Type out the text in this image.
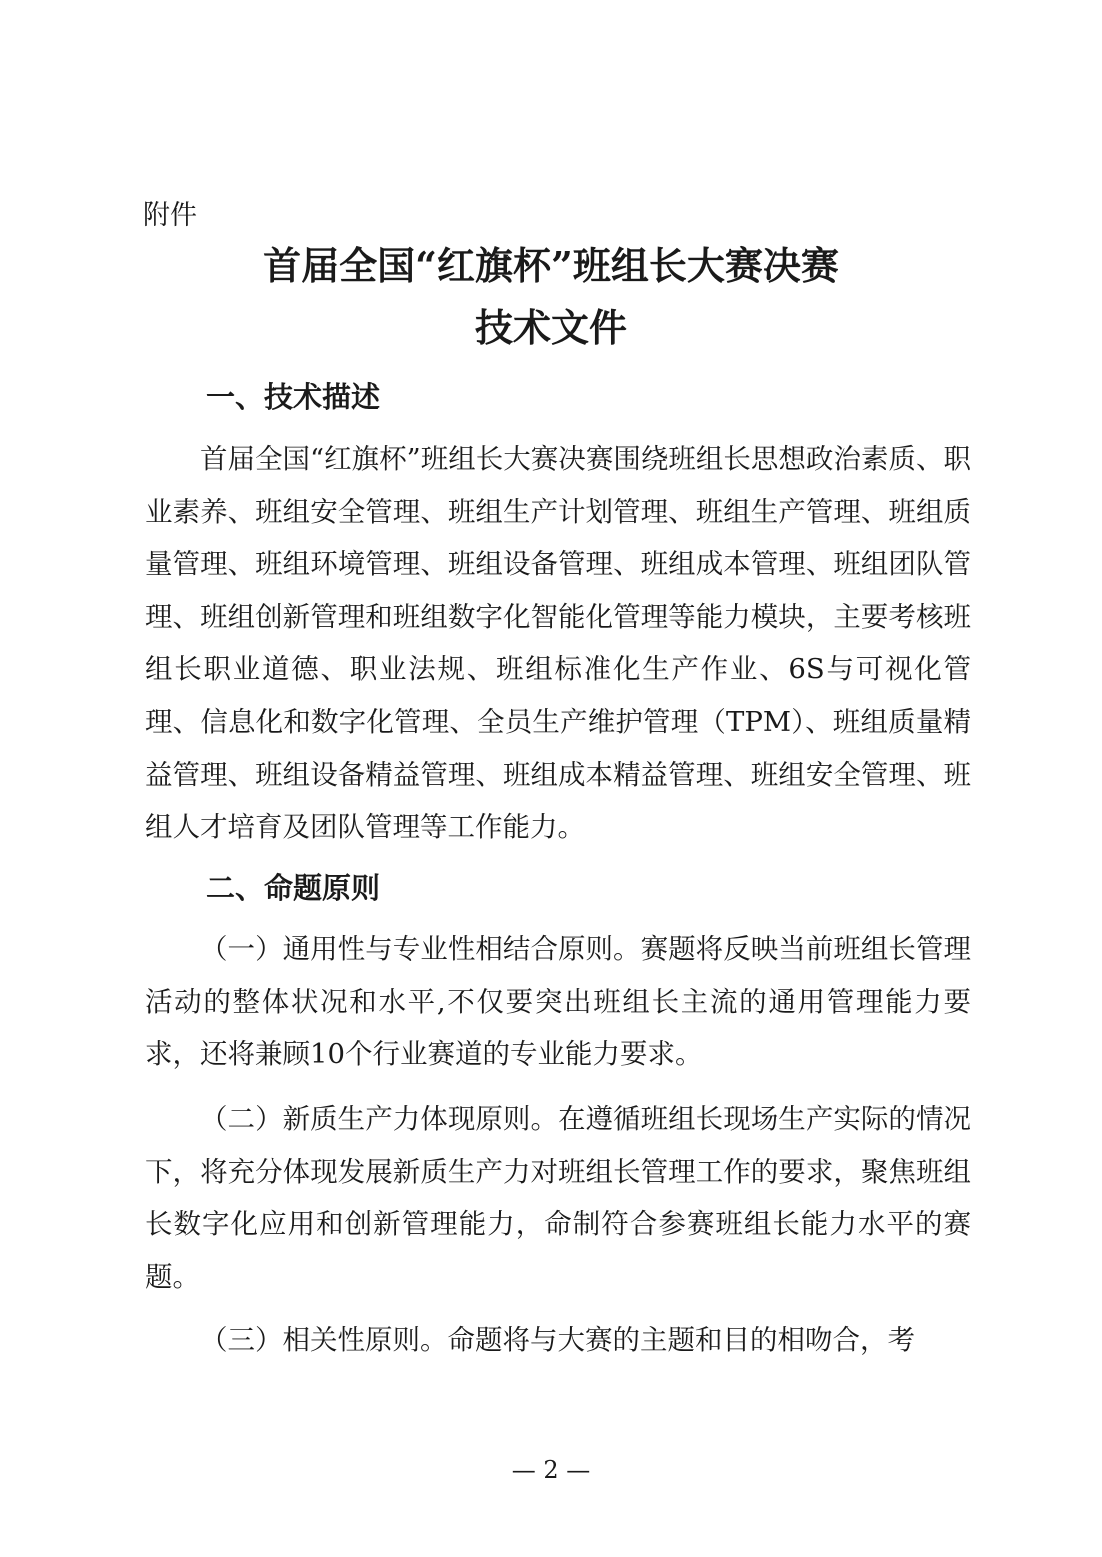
附件

首届全国“红旗杯”班组长大赛决赛
技术文件
一、技术描述

首届全国“红旗杯”班组长大赛决赛围绕班组长思想政治素质、职业素养、班组安全管理、班组生产计划管理、班组生产管理、班组质量管理、班组环境管理、班组设备管理、班组成本管理、班组团队管理、班组创新管理和班组数字化智能化管理等能力模块，主要考核班组长职业道德、职业法规、班组标准化生产作业、6S与可视化管理、信息化和数字化管理、全员生产维护管理（TPM）、班组质量精益管理、班组设备精益管理、班组成本精益管理、班组安全管理、班组人才培育及团队管理等工作能力。

二、命题原则

（一）通用性与专业性相结合原则。赛题将反映当前班组长管理活动的整体状况和水平,不仅要突出班组长主流的通用管理能力要求，还将兼顾10个行业赛道的专业能力要求。

（二）新质生产力体现原则。在遵循班组长现场生产实际的情况下，将充分体现发展新质生产力对班组长管理工作的要求，聚焦班组长数字化应用和创新管理能力，命制符合参赛班组长能力水平的赛题。

（三）相关性原则。命题将与大赛的主题和目的相吻合，考

— 2 —
